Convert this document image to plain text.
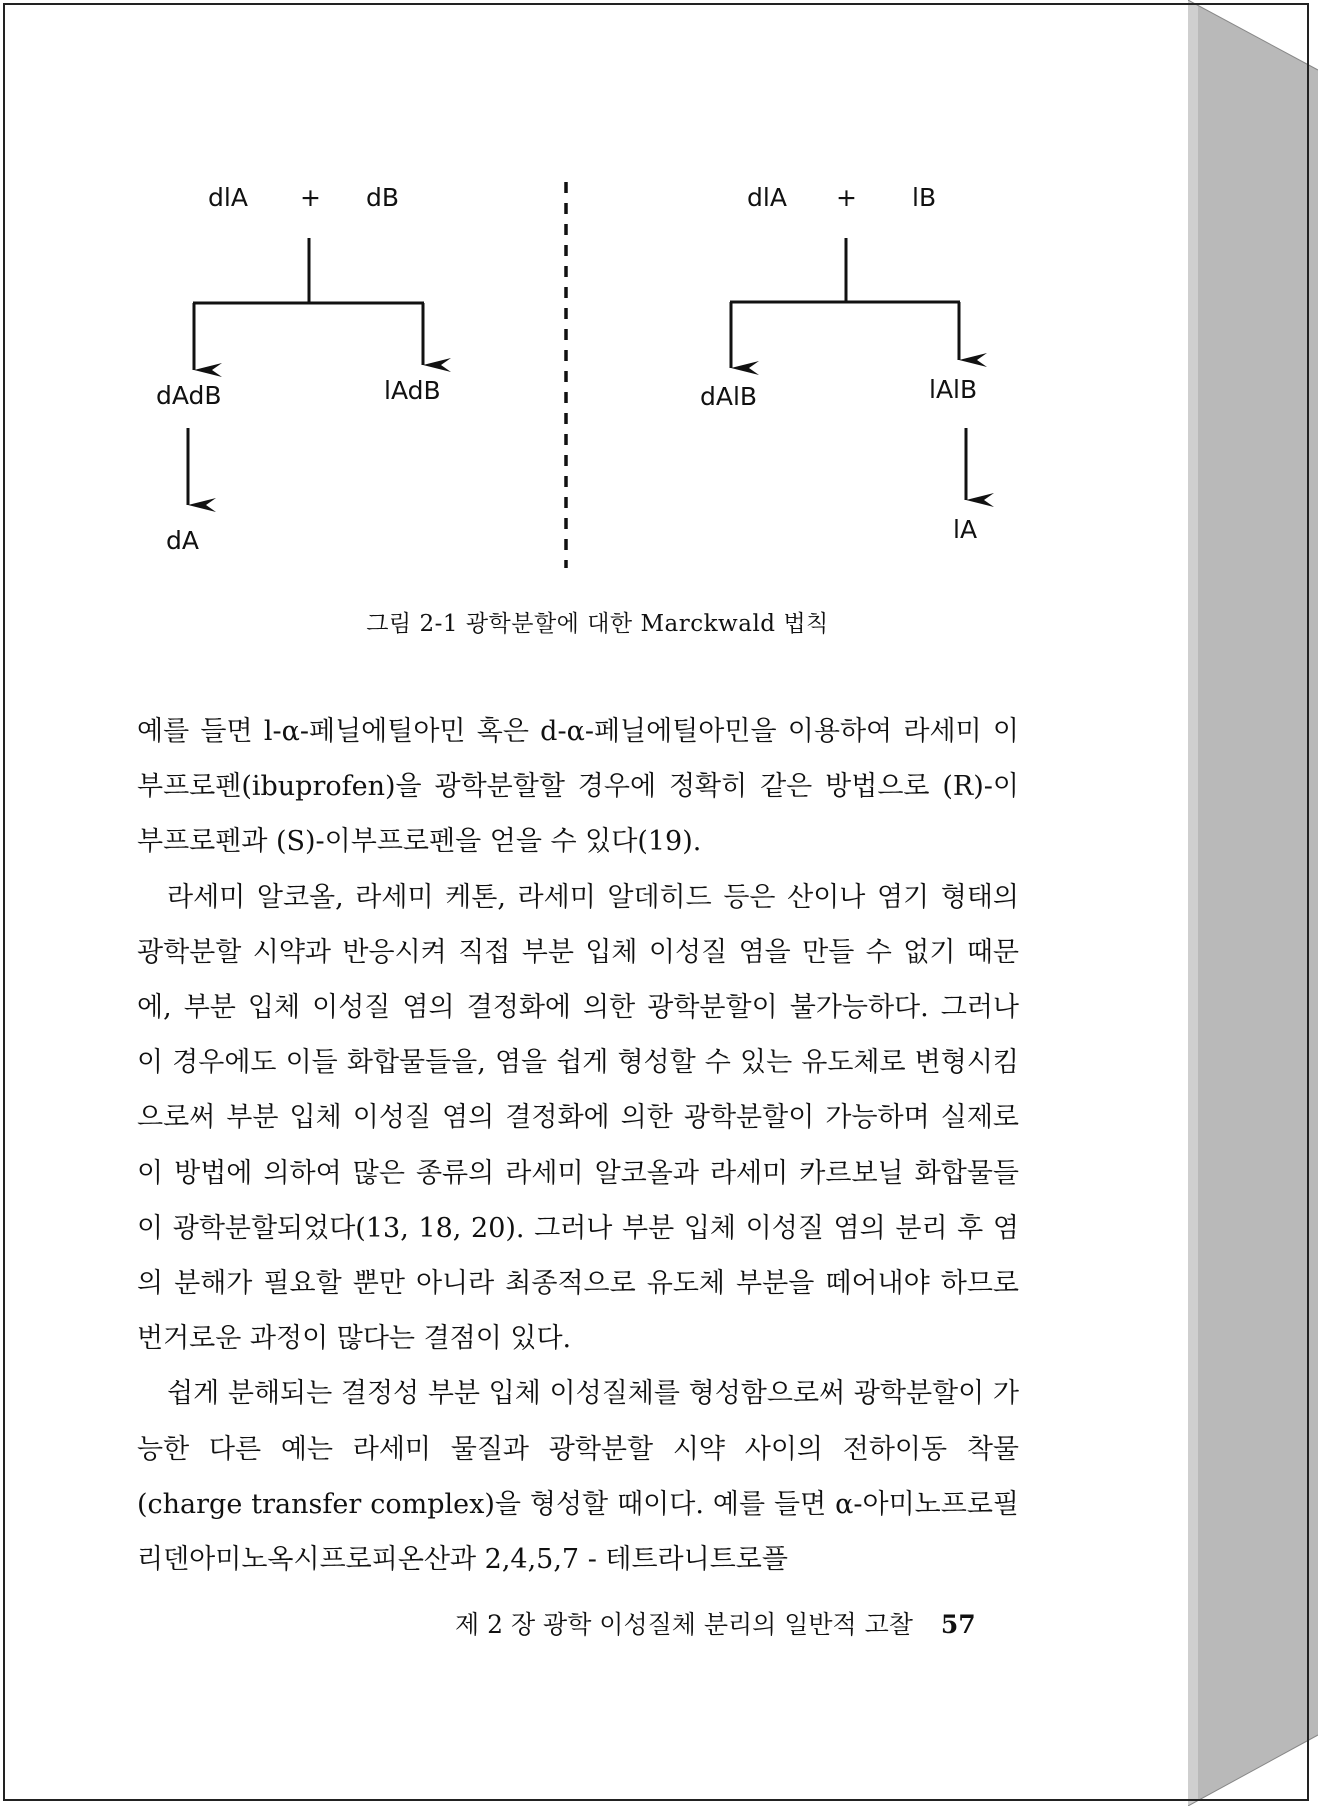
dlA + dB
dAdB	lAdB
dA
dlA + lB
dAlB	lAlB
lA
그림 2-1 광학분할에 대한 Marckwald 법칙

예를 들면 l-α-페닐에틸아민 혹은 d-α-페닐에틸아민을 이용하여 라세미 이부프로펜(ibuprofen)을 광학분할할 경우에 정확히 같은 방법으로 (R)-이부프로펜과 (S)-이부프로펜을 얻을 수 있다(19).

라세미 알코올, 라세미 케톤, 라세미 알데히드 등은 산이나 염기 형태의 광학분할 시약과 반응시켜 직접 부분 입체 이성질 염을 만들 수 없기 때문에, 부분 입체 이성질 염의 결정화에 의한 광학분할이 불가능하다. 그러나 이 경우에도 이들 화합물들을, 염을 쉽게 형성할 수 있는 유도체로 변형시킴으로써 부분 입체 이성질 염의 결정화에 의한 광학분할이 가능하며 실제로 이 방법에 의하여 많은 종류의 라세미 알코올과 라세미 카르보닐 화합물들이 광학분할되었다(13, 18, 20). 그러나 부분 입체 이성질 염의 분리 후 염의 분해가 필요할 뿐만 아니라 최종적으로 유도체 부분을 떼어내야 하므로 번거로운 과정이 많다는 결점이 있다.

쉽게 분해되는 결정성 부분 입체 이성질체를 형성함으로써 광학분할이 가능한 다른 예는 라세미 물질과 광학분할 시약 사이의 전하이동 착물 (charge transfer complex)을 형성할 때이다. 예를 들면 α-아미노프로필리덴아미노옥시프로피온산과 2,4,5,7 - 테트라니트로플

제 2 장 광학 이성질체 분리의 일반적 고찰 57
